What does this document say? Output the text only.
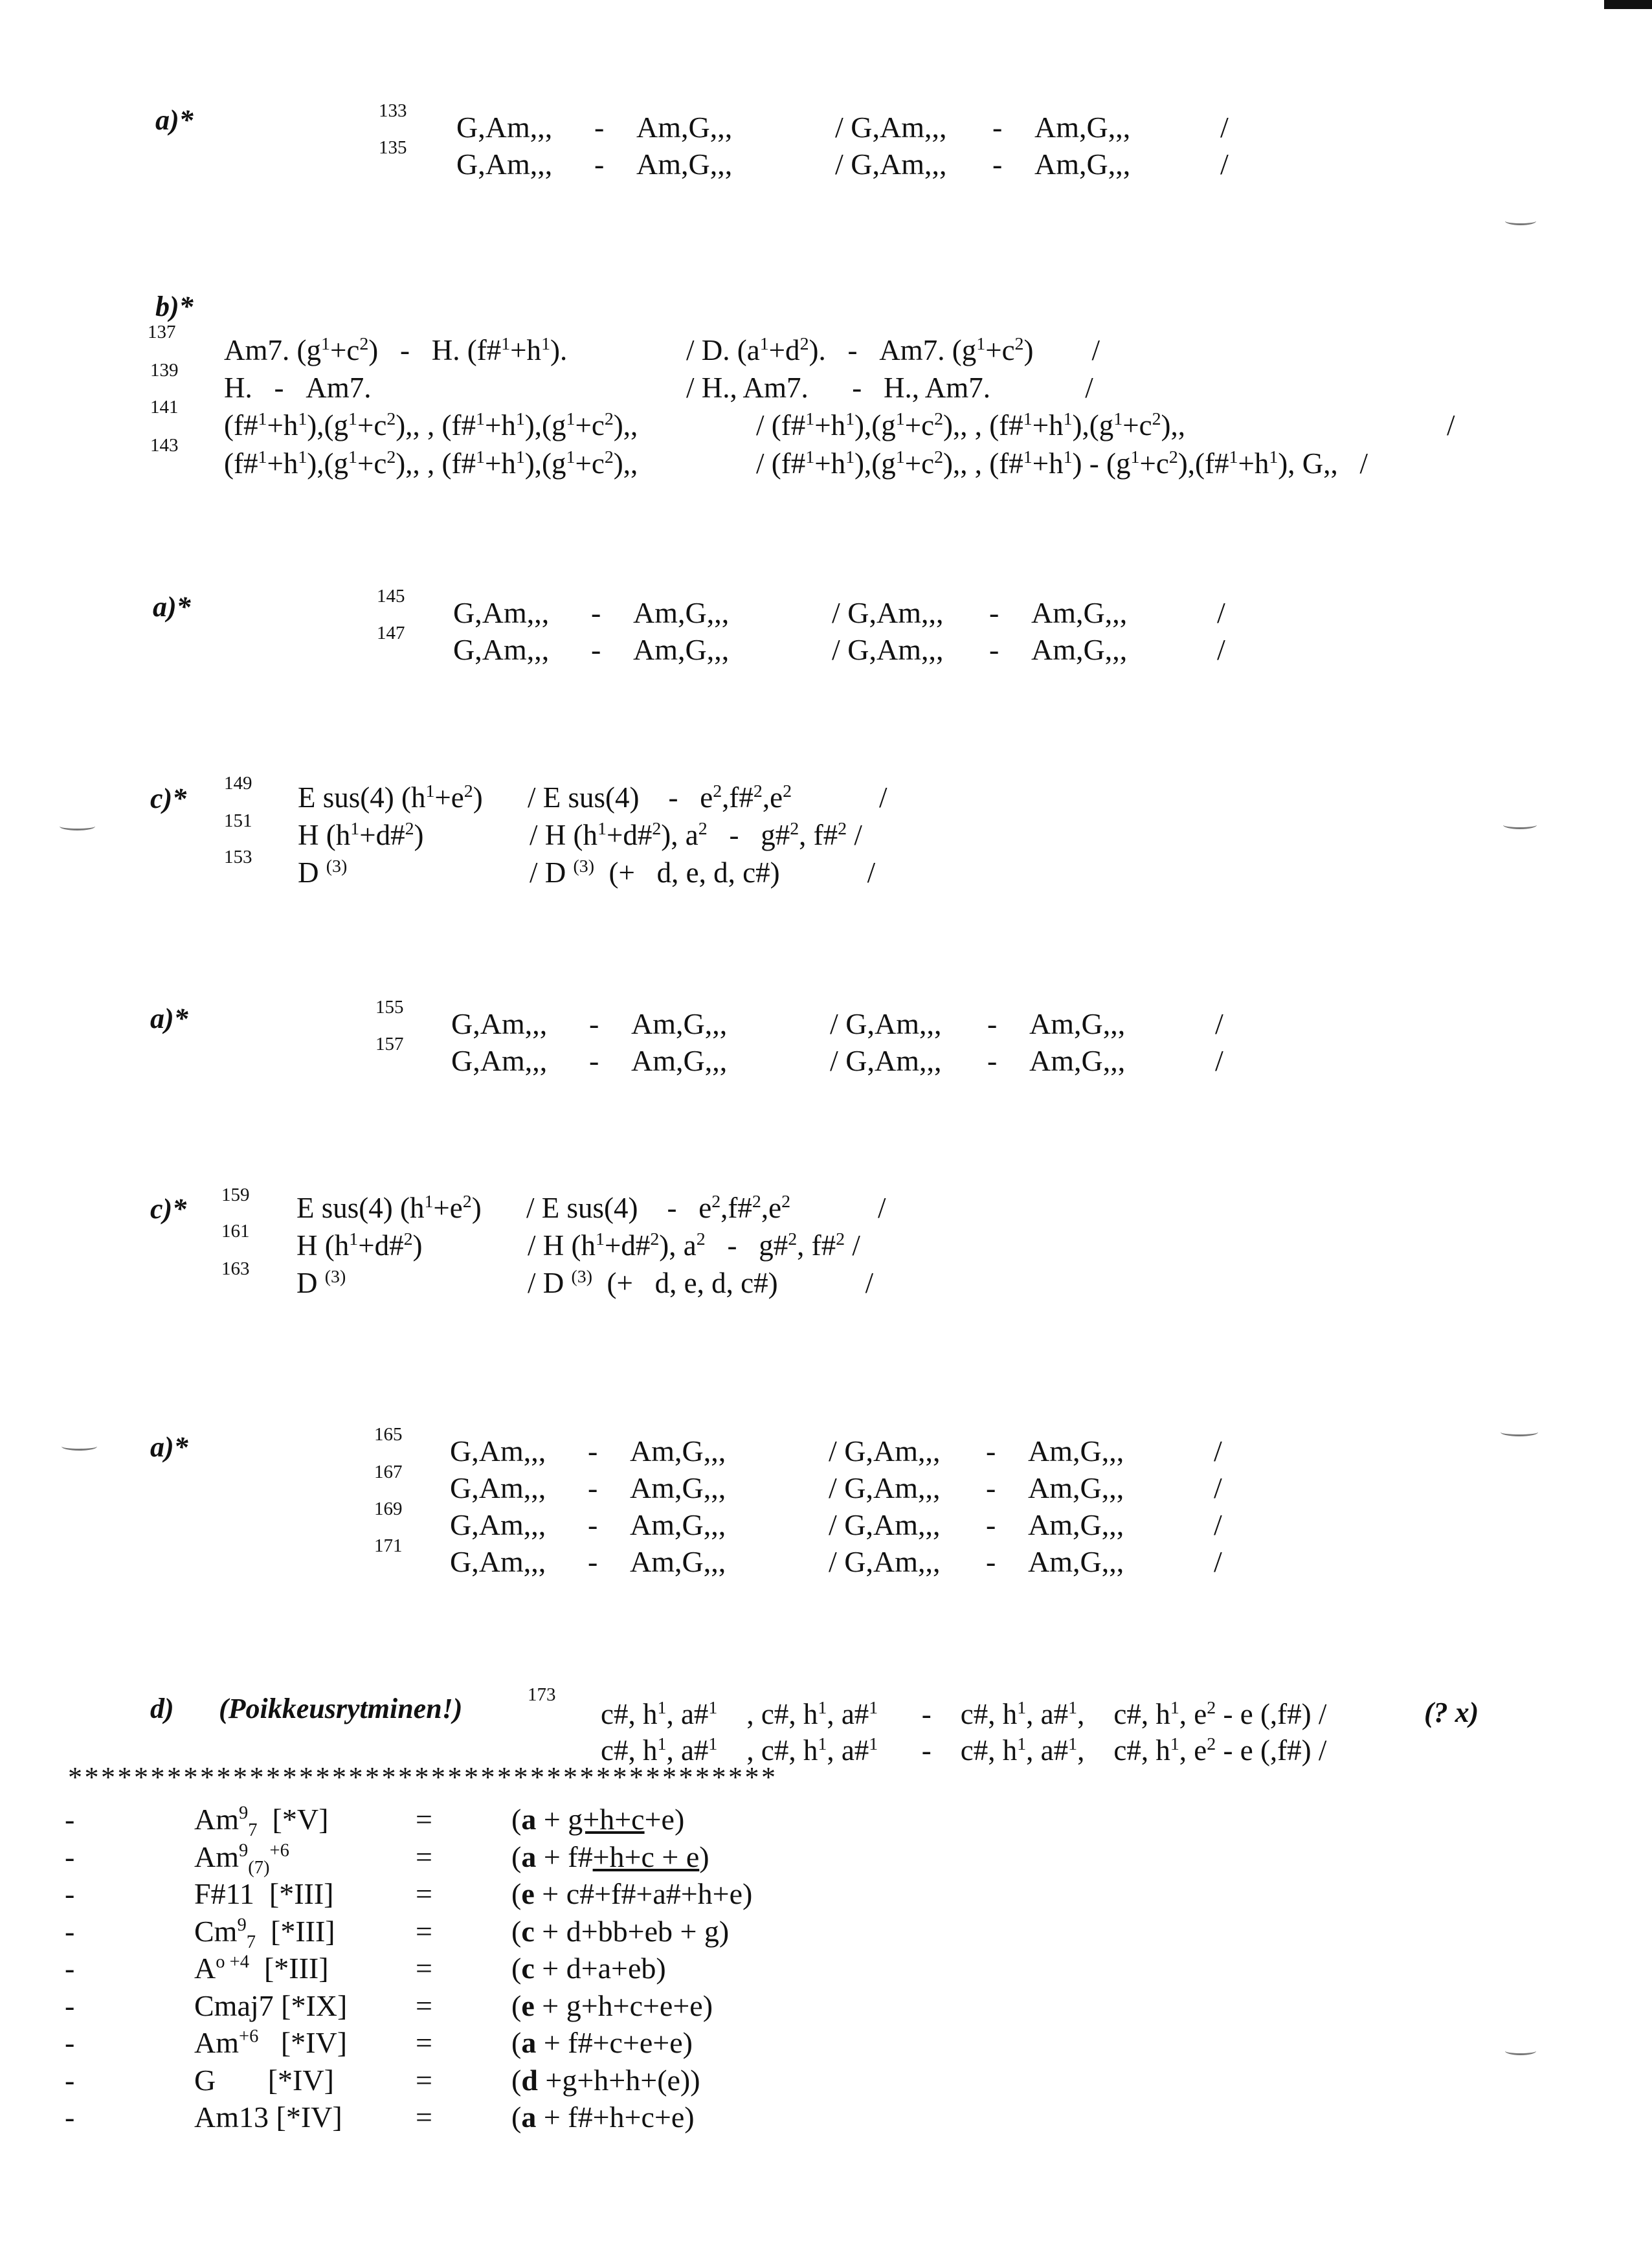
a)*	133
135
G,Am,,, - Am,G,,,	/ G,Am,,, - Am,G,,,	/
G,Am,,, - Am,G,,,	/ G,Am,,, - Am,G,,,	/
b)*
137
139
141
143
Am7. $(g^1+c^2) - H$. $(f\#^1+h^1)$.	/ D. $(a^1+d^2)$.   -   Am7. $(g^1+c^2)$        /
H.   -   Am7.	/ H., Am7.      -   H., Am7.             /
$(f\#^1+h^1),(g^1+c^2)$,, , $(f\#^1+h^1),(g^1+c^2)$,,	/ $(f\#^1+h^1),(g^1+c^2)$,, , $(f\#^1+h^1),(g^1+c^2)$,,	/
$(f\#^1+h^1),(g^1+c^2)$,, , $(f\#^1+h^1),(g^1+c^2)$,,	/ $(f\#^1+h^1),(g^1+c^2)$,, , $(f\#^1+h^1)$ - $(g^1+c^2),(f\#^1+h^1)$, G,,   /
a)*	145
147
G,Am,,, - Am,G,,,	/ G,Am,,, - Am,G,,,	/
G,Am,,, - Am,G,,,	/ G,Am,,, - Am,G,,,	/
c)* 149
151
153
E sus(4) $(h^1+e^2) / E$ sus(4)    -   $e^2,f\#^2,e^2$            /
H $(h^1+d\#^2)$	/ H $(h^1+d\#^2)$, $a^2$   -   g#$^2$, f#$^2$ /
D $^{(3)}$	/ D $^{(3)}$  (+   d, e, d, c#)            /
a)*	155
157
G,Am,,, - Am,G,,,	/ G,Am,,, - Am,G,,,	/
G,Am,,, - Am,G,,,	/ G,Am,,, - Am,G,,,	/
c)* 159
161
163
E sus(4) $(h^1+e^2) / E$ sus(4)    -   $e^2,f\#^2,e^2$            /
H $(h^1+d\#^2)$	/ H $(h^1+d\#^2)$, $a^2$   -   g#$^2$, f#$^2$ /
D $^{(3)}$	/ D $^{(3)}$  (+   d, e, d, c#)            /
a)*	165
167
169
171
G,Am,,, - Am,G,,,	/ G,Am,,, - Am,G,,,	/
G,Am,,, - Am,G,,,	/ G,Am,,, - Am,G,,,	/
G,Am,,, - Am,G,,,	/ G,Am,,, - Am,G,,,	/
G,Am,,, - Am,G,,,	/ G,Am,,, - Am,G,,,	/
d) (Poikkeusrytminen!)	173
c#, $h^1$, a#$^1$    , c#, $h^1$, a#$^1$      -    c#, $h^1$, a#$^1$,    c#, $h^1$, $e^2$ - e (,f#) /	(? x)
c#, $h^1$, a#$^1$    , c#, $h^1$, a#$^1$      -    c#, $h^1$, a#$^1$,    c#, $h^1$, $e^2$ - e (,f#) /
*******************************************
-	$Am^9_7$  [*V]	=	(a + g+h+c+e)
-	$Am^9_{(7)}^{+6}$	=	(a + f#+h+c + e)
-	F#11  [*III]	=	(e + c#+f#+a#+h+e)
-	$Cm^9_7$  [*III]	=	(c + d+bb+eb + g)
-	$A^{o +4}$  [*III]	=	(c + d+a+eb)
-	Cmaj7 [*IX]	=	(e + g+h+c+e+e)
-	$Am^{+6}$   [*IV]	=	(a + f#+c+e+e)
-	G       [*IV]	=	(d +g+h+h+(e))
-	Am13 [*IV]	=	(a + f#+h+c+e)
